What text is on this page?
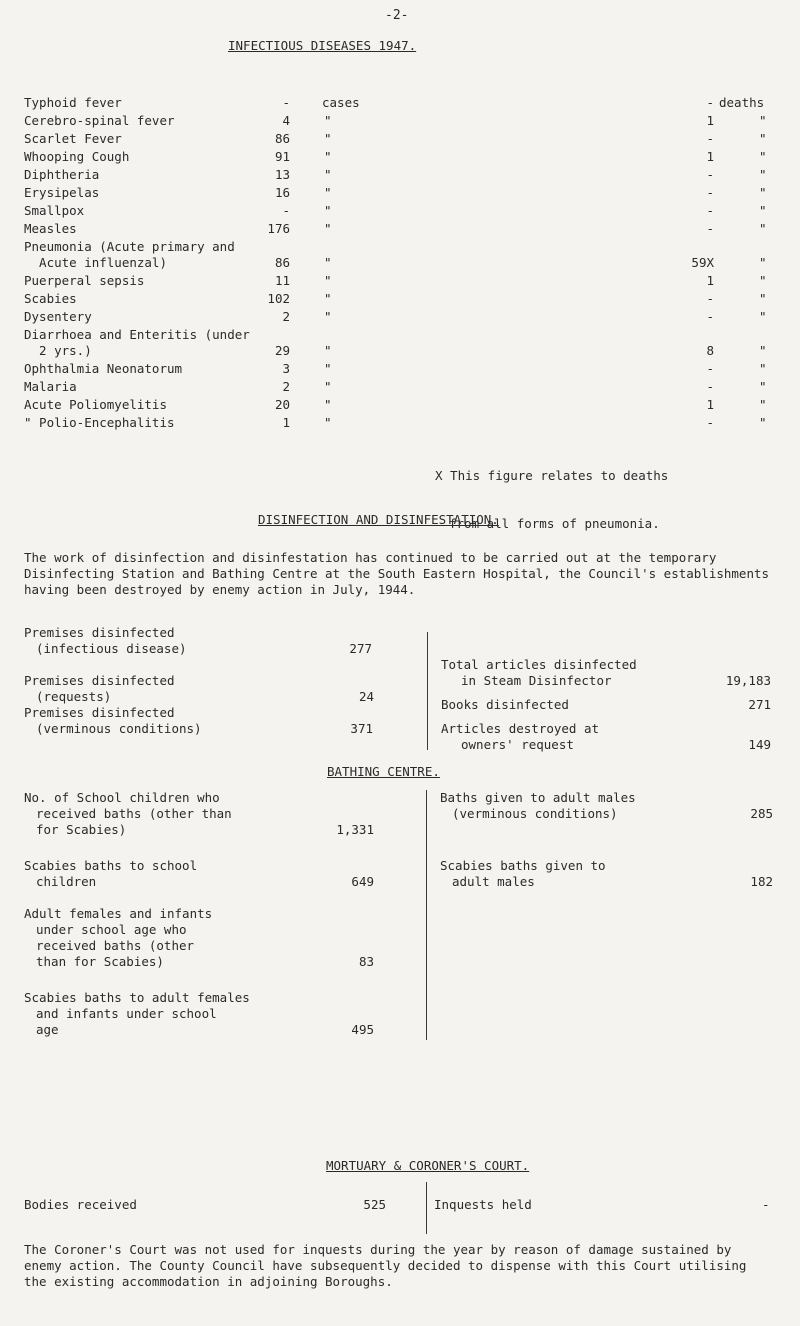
-2-
INFECTIOUS DISEASES 1947.
Typhoid fever	-	cases	- deaths
Cerebro-spinal fever	4	"	1	"
Scarlet Fever	86	"	-	"
Whooping Cough	91	"	1	"
Diphtheria	13	"	-	"
Erysipelas	16	"	-	"
Smallpox	-	"	-	"
Measles	176	"	-	"
Pneumonia (Acute primary and
Acute influenzal)	86	"	59X	"
Puerperal sepsis	11	"	1	"
Scabies	102	"	-	"
Dysentery	2	"	-	"
Diarrhoea and Enteritis (under
2 yrs.)	29	"	8	"
Ophthalmia Neonatorum	3	"	-	"
Malaria	2	"	-	"
Acute Poliomyelitis	20	"	1	"
" Polio-Encephalitis	1	"	-	"

X This figure relates to deaths

from all forms of pneumonia.

DISINFECTION AND DISINFESTATION.
The work of disinfection and disinfestation has continued to be carried out at the temporary Disinfecting Station and Bathing Centre at the South Eastern Hospital, the Council's establishments having been destroyed by enemy action in July, 1944.
Premises disinfected
(infectious disease)	277
Premises disinfected
(requests)	24
Premises disinfected
(verminous conditions)	371
Total articles disinfected
in Steam Disinfector	19,183
Books disinfected	271
Articles destroyed at
owners' request	149
BATHING CENTRE.
No. of School children who
received baths (other than
for Scabies)	1,331
Scabies baths to school
children	649
Adult females and infants
under school age who
received baths (other
than for Scabies)	83
Scabies baths to adult females
and infants under school
age	495
Baths given to adult males
(verminous conditions)	285
Scabies baths given to
adult males	182
MORTUARY & CORONER'S COURT.
Bodies received	525	Inquests held	-
The Coroner's Court was not used for inquests during the year by reason of damage sustained by enemy action. The County Council have subsequently decided to dispense with this Court utilising the existing accommodation in adjoining Boroughs.
